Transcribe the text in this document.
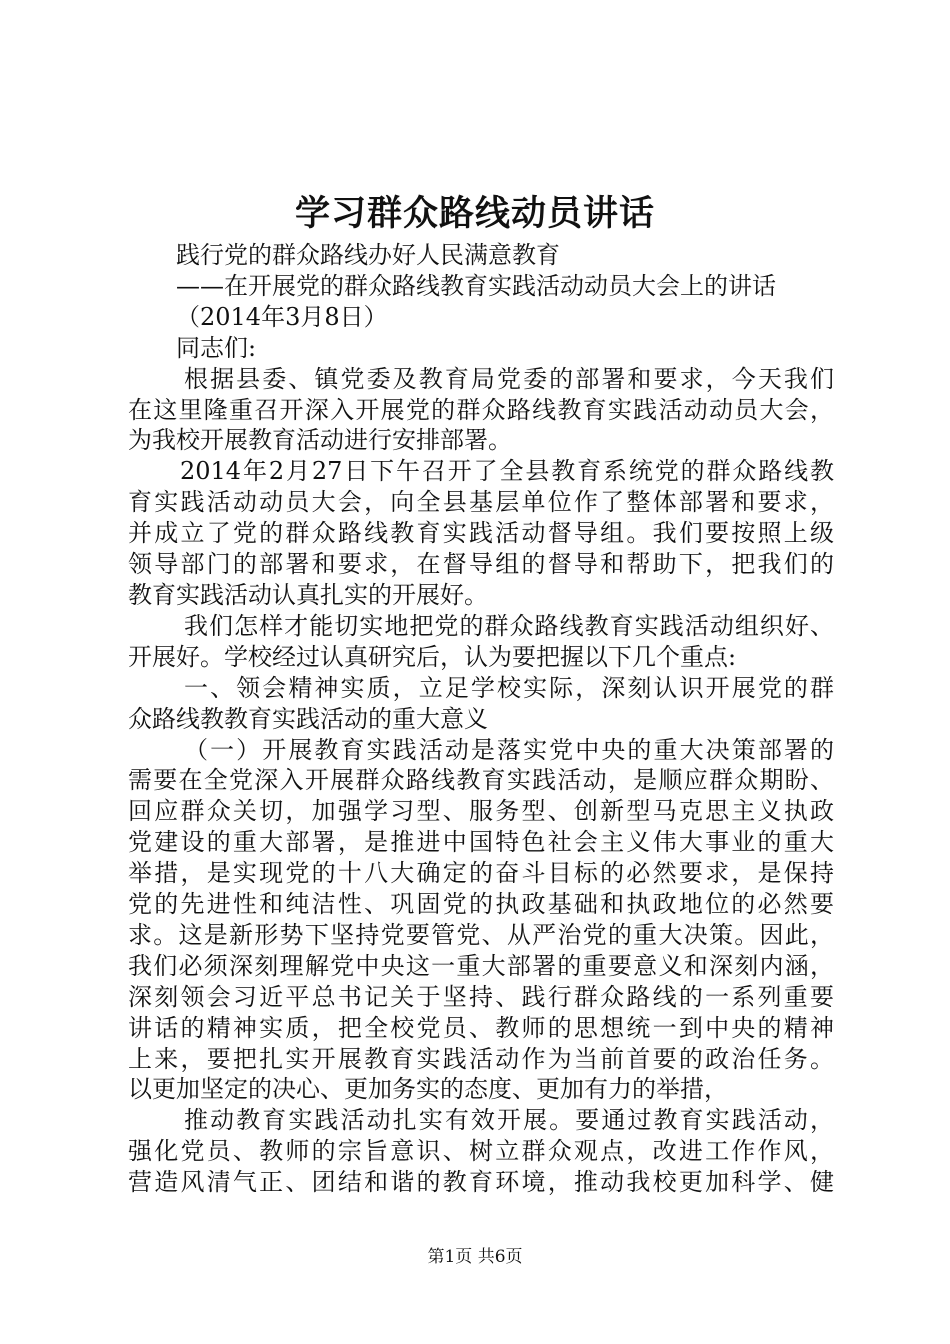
学习群众路线动员讲话
践行党的群众路线办好人民满意教育
——在开展党的群众路线教育实践活动动员大会上的讲话
（2014年3月8日）
同志们:
根据县委、镇党委及教育局党委的部署和要求，今天我们
在这里隆重召开深入开展党的群众路线教育实践活动动员大会，
为我校开展教育活动进行安排部署。
2014年2月27日下午召开了全县教育系统党的群众路线教
育实践活动动员大会，向全县基层单位作了整体部署和要求，
并成立了党的群众路线教育实践活动督导组。我们要按照上级
领导部门的部署和要求，在督导组的督导和帮助下，把我们的
教育实践活动认真扎实的开展好。
我们怎样才能切实地把党的群众路线教育实践活动组织好、
开展好。学校经过认真研究后，认为要把握以下几个重点:
一、领会精神实质，立足学校实际，深刻认识开展党的群
众路线教教育实践活动的重大意义
（一）开展教育实践活动是落实党中央的重大决策部署的
需要在全党深入开展群众路线教育实践活动，是顺应群众期盼、
回应群众关切，加强学习型、服务型、创新型马克思主义执政
党建设的重大部署，是推进中国特色社会主义伟大事业的重大
举措，是实现党的十八大确定的奋斗目标的必然要求，是保持
党的先进性和纯洁性、巩固党的执政基础和执政地位的必然要
求。这是新形势下坚持党要管党、从严治党的重大决策。因此，
我们必须深刻理解党中央这一重大部署的重要意义和深刻内涵，
深刻领会习近平总书记关于坚持、践行群众路线的一系列重要
讲话的精神实质，把全校党员、教师的思想统一到中央的精神
上来，要把扎实开展教育实践活动作为当前首要的政治任务。
以更加坚定的决心、更加务实的态度、更加有力的举措，
推动教育实践活动扎实有效开展。要通过教育实践活动，
强化党员、教师的宗旨意识、树立群众观点，改进工作作风，
营造风清气正、团结和谐的教育环境，推动我校更加科学、健
第1页 共6页
